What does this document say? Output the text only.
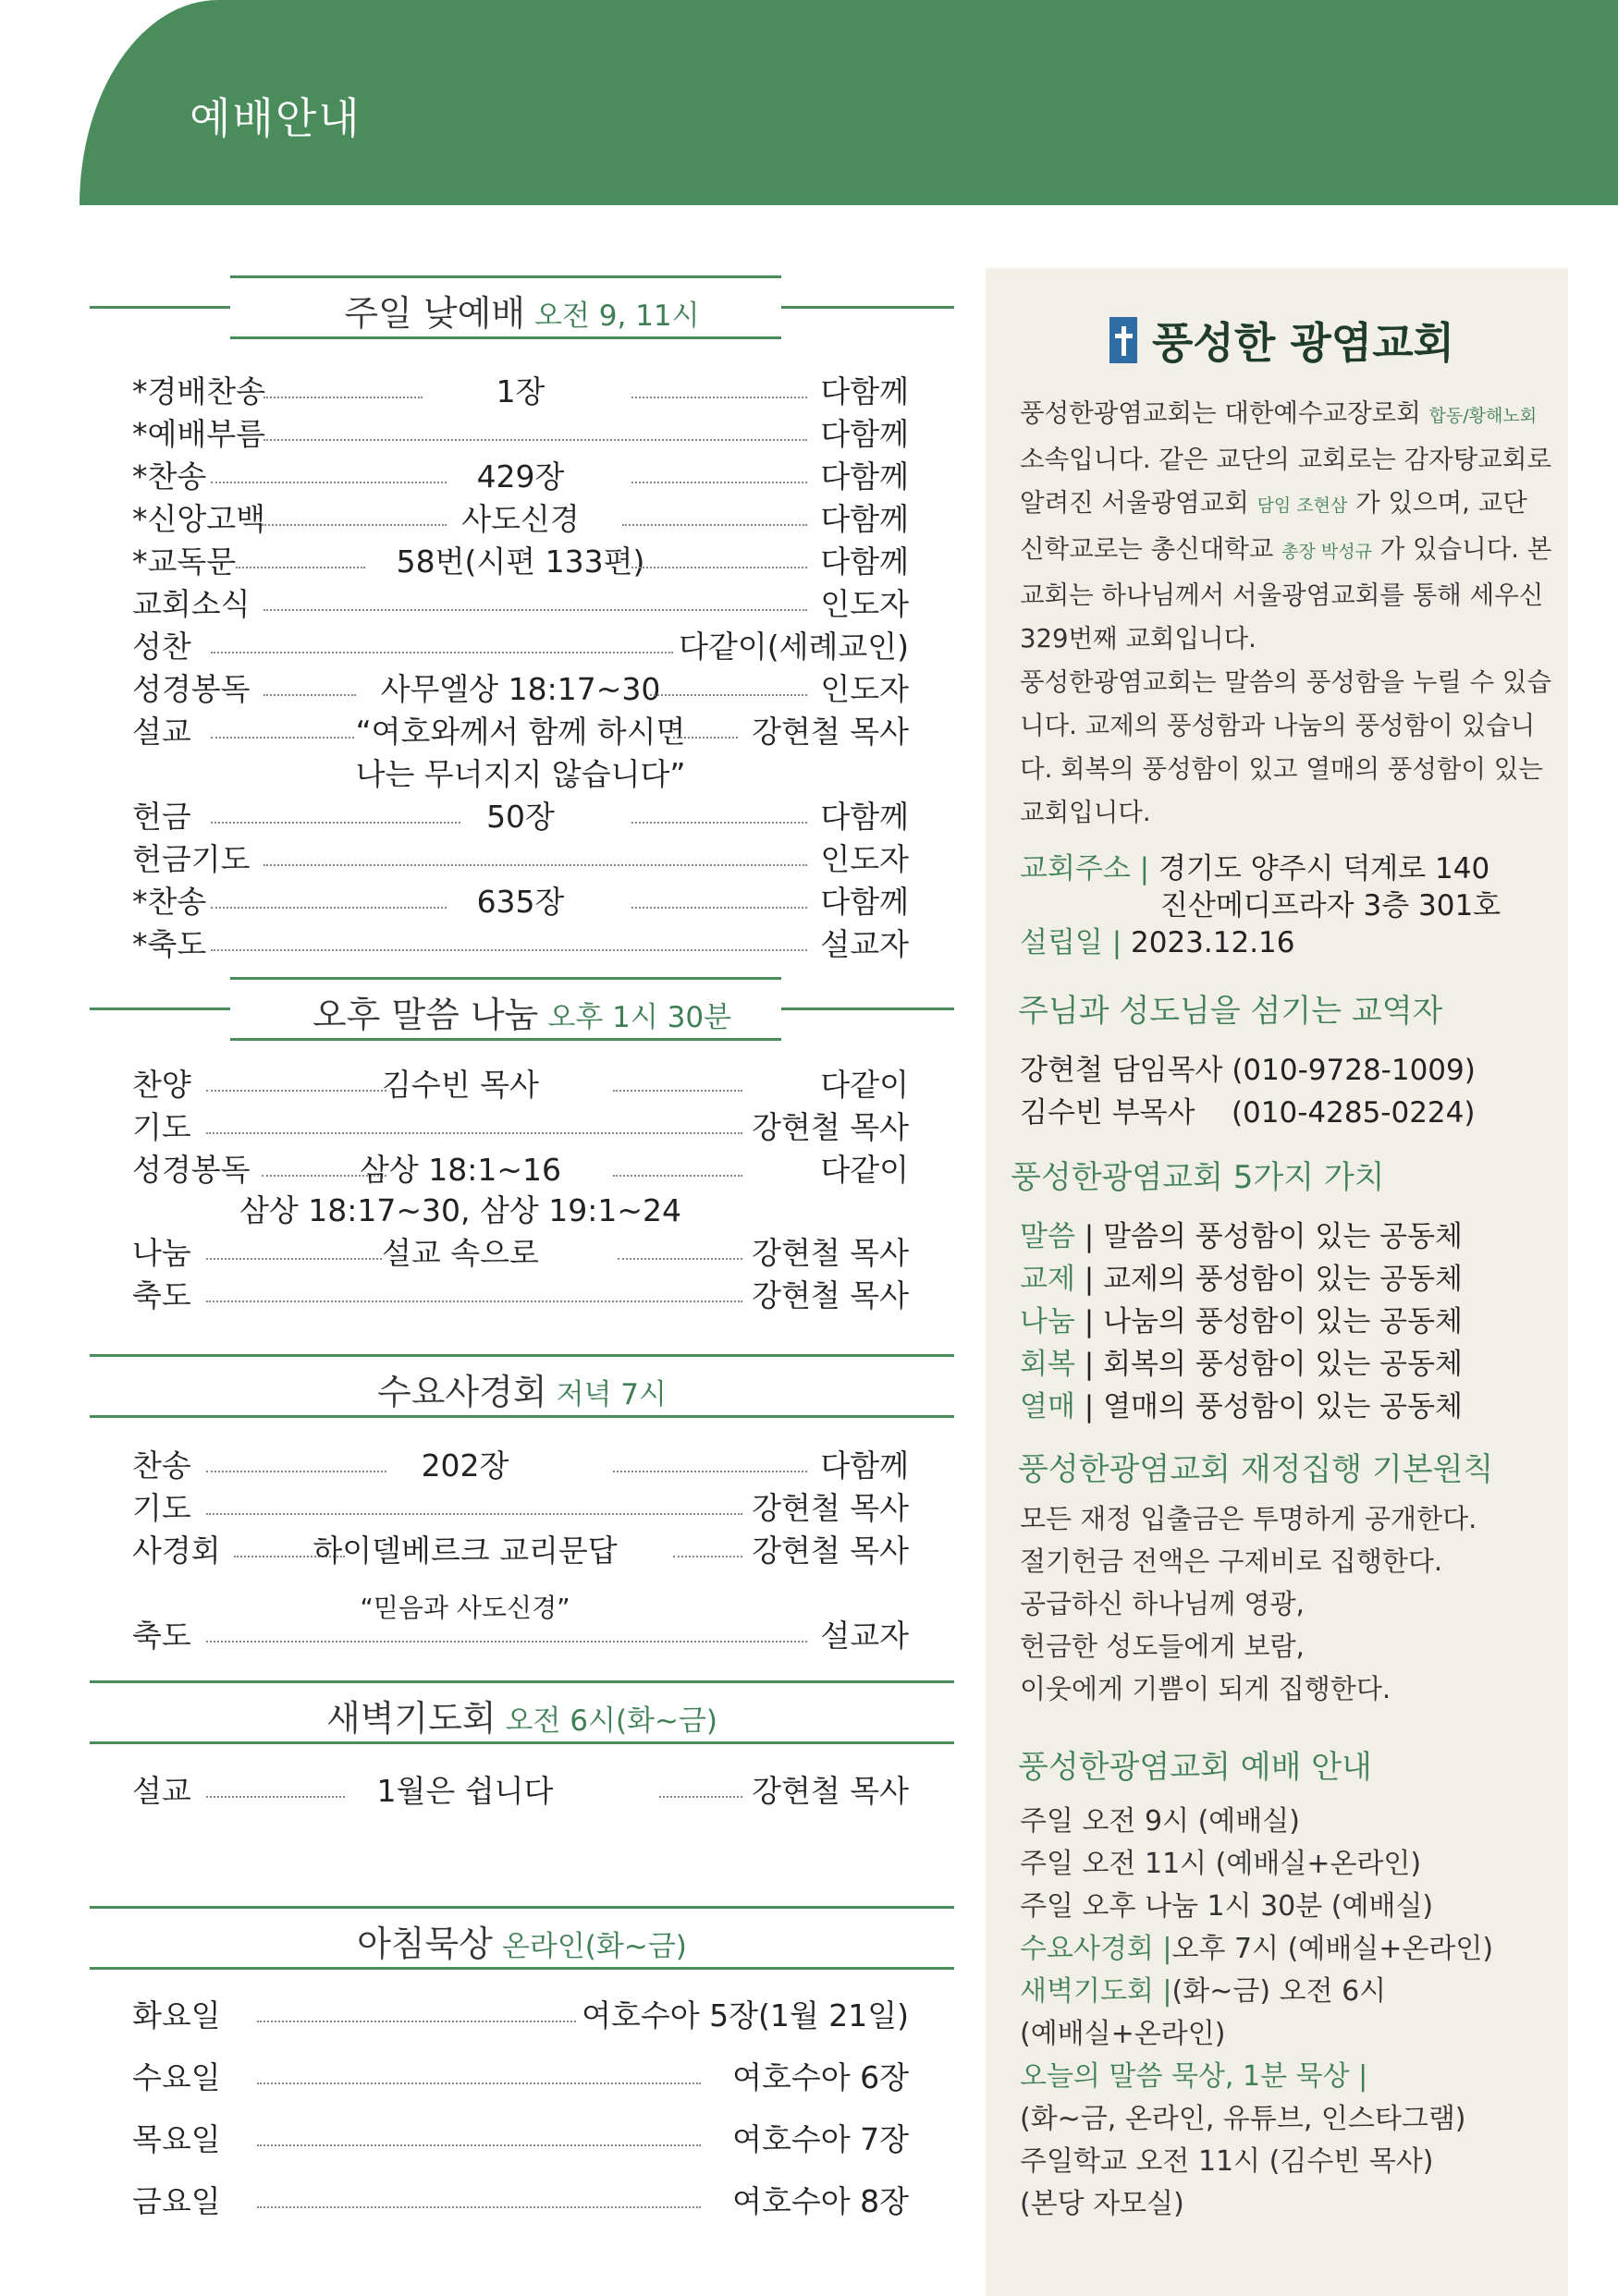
예배안내
주일 낮예배 오전 9, 11시
*경배찬송	1장	다함께
*예배부름	다함께
*찬송	429장	다함께
*신앙고백	사도신경	다함께
*교독문	58번(시편 133편)	다함께
교회소식	인도자
성찬	다같이(세례교인)
성경봉독	사무엘상 18:17~30	인도자
설교	“여호와께서 함께 하시면	강현철 목사
나는 무너지지 않습니다”
헌금	50장	다함께
헌금기도	인도자
*찬송	635장	다함께
*축도	설교자
오후 말씀 나눔 오후 1시 30분
찬양	김수빈 목사	다같이
기도	강현철 목사
성경봉독	삼상 18:1~16	다같이
삼상 18:17~30, 삼상 19:1~24
나눔	설교 속으로	강현철 목사
축도	강현철 목사
수요사경회 저녁 7시
찬송	202장	다함께
기도	강현철 목사
사경회	하이델베르크 교리문답	강현철 목사
“믿음과 사도신경”
축도	설교자
새벽기도회 오전 6시(화~금)
설교	1월은 쉽니다	강현철 목사
아침묵상 온라인(화~금)
화요일	여호수아 5장(1월 21일)
수요일	여호수아 6장
목요일	여호수아 7장
금요일	여호수아 8장
풍성한 광염교회
풍성한광염교회는 대한예수교장로회 합동/황해노회
소속입니다. 같은 교단의 교회로는 감자탕교회로
알려진 서울광염교회 담임 조현삼 가 있으며, 교단
신학교로는 총신대학교 총장 박성규 가 있습니다. 본
교회는 하나님께서 서울광염교회를 통해 세우신
329번째 교회입니다.
풍성한광염교회는 말씀의 풍성함을 누릴 수 있습
니다. 교제의 풍성함과 나눔의 풍성함이 있습니
다. 회복의 풍성함이 있고 열매의 풍성함이 있는
교회입니다.
교회주소 | 경기도 양주시 덕계로 140
진산메디프라자 3층 301호
설립일 | 2023.12.16
주님과 성도님을 섬기는 교역자
강현철 담임목사 (010-9728-1009)
김수빈 부목사    (010-4285-0224)
풍성한광염교회 5가지 가치
말씀 | 말씀의 풍성함이 있는 공동체
교제 | 교제의 풍성함이 있는 공동체
나눔 | 나눔의 풍성함이 있는 공동체
회복 | 회복의 풍성함이 있는 공동체
열매 | 열매의 풍성함이 있는 공동체
풍성한광염교회 재정집행 기본원칙
모든 재정 입출금은 투명하게 공개한다.
절기헌금 전액은 구제비로 집행한다.
공급하신 하나님께 영광,
헌금한 성도들에게 보람,
이웃에게 기쁨이 되게 집행한다.
풍성한광염교회 예배 안내
주일 오전 9시 (예배실)
주일 오전 11시 (예배실+온라인)
주일 오후 나눔 1시 30분 (예배실)
수요사경회 |오후 7시 (예배실+온라인)
새벽기도회 |(화~금) 오전 6시
(예배실+온라인)
오늘의 말씀 묵상, 1분 묵상 |
(화~금, 온라인, 유튜브, 인스타그램)
주일학교 오전 11시 (김수빈 목사)
(본당 자모실)
